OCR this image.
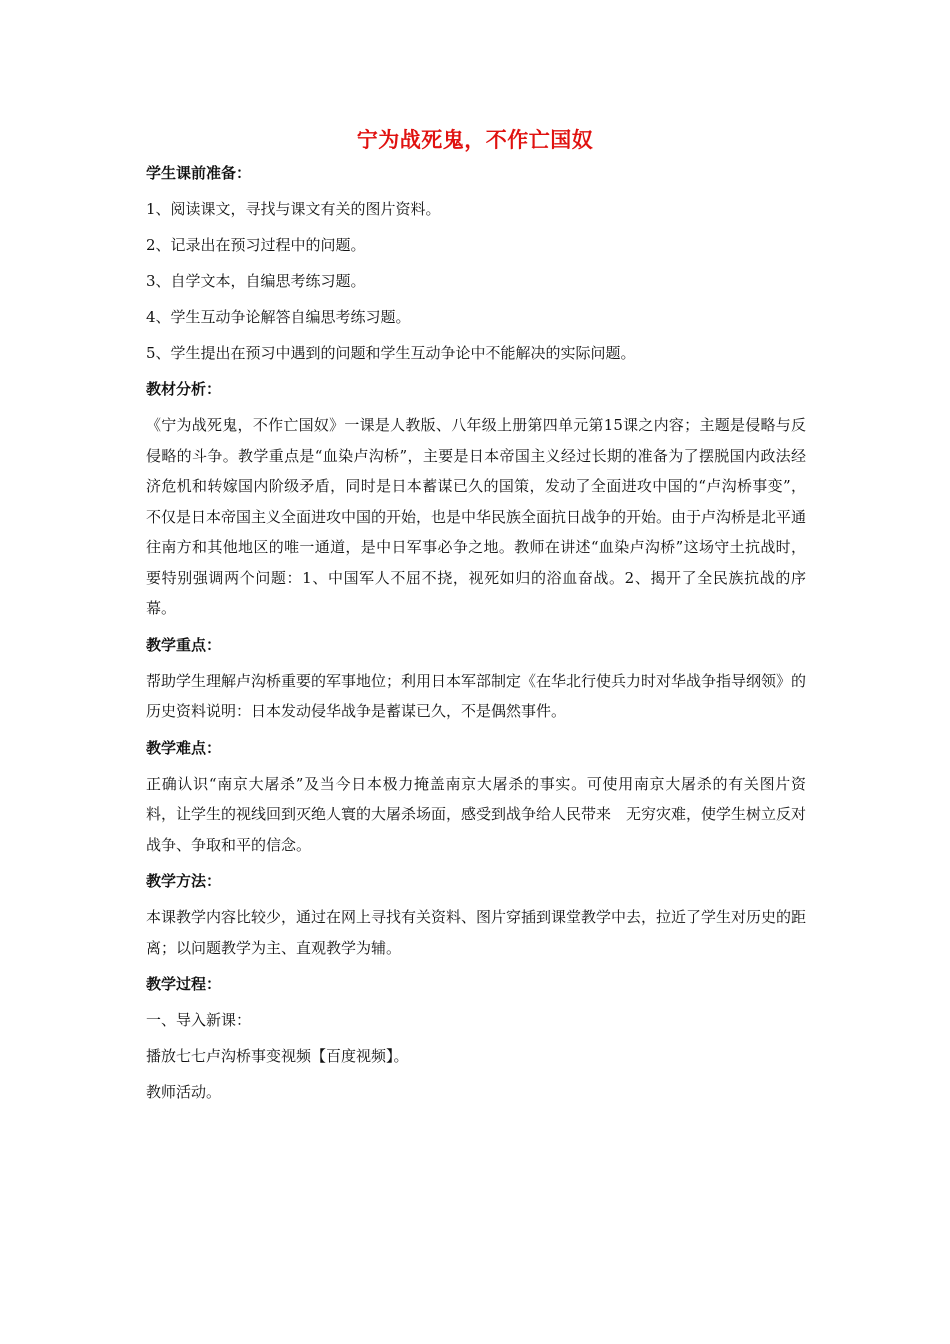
宁为战死鬼，不作亡国奴
学生课前准备：
1、阅读课文，寻找与课文有关的图片资料。
2、记录出在预习过程中的问题。
3、自学文本，自编思考练习题。
4、学生互动争论解答自编思考练习题。
5、学生提出在预习中遇到的问题和学生互动争论中不能解决的实际问题。
教材分析：
《宁为战死鬼，不作亡国奴》一课是人教版、八年级上册第四单元第15课之内容；主题是侵略与反侵略的斗争。教学重点是“血染卢沟桥”，主要是日本帝国主义经过长期的准备为了摆脱国内政法经济危机和转嫁国内阶级矛盾，同时是日本蓄谋已久的国策，发动了全面进攻中国的“卢沟桥事变”，不仅是日本帝国主义全面进攻中国的开始，也是中华民族全面抗日战争的开始。由于卢沟桥是北平通往南方和其他地区的唯一通道，是中日军事必争之地。教师在讲述“血染卢沟桥”这场守土抗战时，要特别强调两个问题：1、中国军人不屈不挠，视死如归的浴血奋战。2、揭开了全民族抗战的序幕。
教学重点：
帮助学生理解卢沟桥重要的军事地位；利用日本军部制定《在华北行使兵力时对华战争指导纲领》的历史资料说明：日本发动侵华战争是蓄谋已久，不是偶然事件。
教学难点：
正确认识“南京大屠杀”及当今日本极力掩盖南京大屠杀的事实。可使用南京大屠杀的有关图片资料，让学生的视线回到灭绝人寰的大屠杀场面，感受到战争给人民带来　无穷灾难，使学生树立反对战争、争取和平的信念。
教学方法：
本课教学内容比较少，通过在网上寻找有关资料、图片穿插到课堂教学中去，拉近了学生对历史的距离；以问题教学为主、直观教学为辅。
教学过程：
一、导入新课：
播放七七卢沟桥事变视频【百度视频】。
教师活动。
